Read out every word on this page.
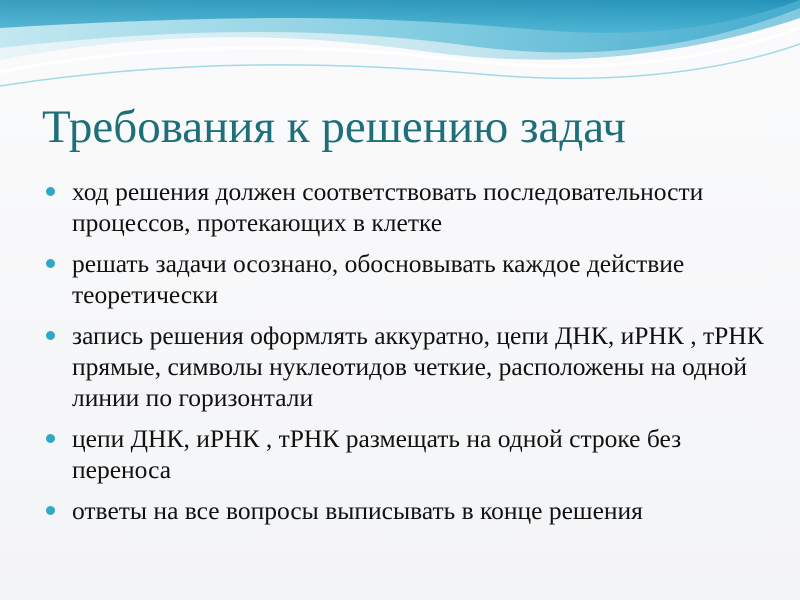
Требования к решению задач
ход решения должен соответствовать последовательности процессов, протекающих в клетке
решать задачи осознано, обосновывать каждое действие теоретически
запись решения оформлять аккуратно, цепи ДНК, иРНК , тРНК прямые, символы нуклеотидов четкие, расположены на одной линии по горизонтали
цепи ДНК, иРНК , тРНК размещать на одной строке без переноса
ответы на все вопросы выписывать в конце решения
